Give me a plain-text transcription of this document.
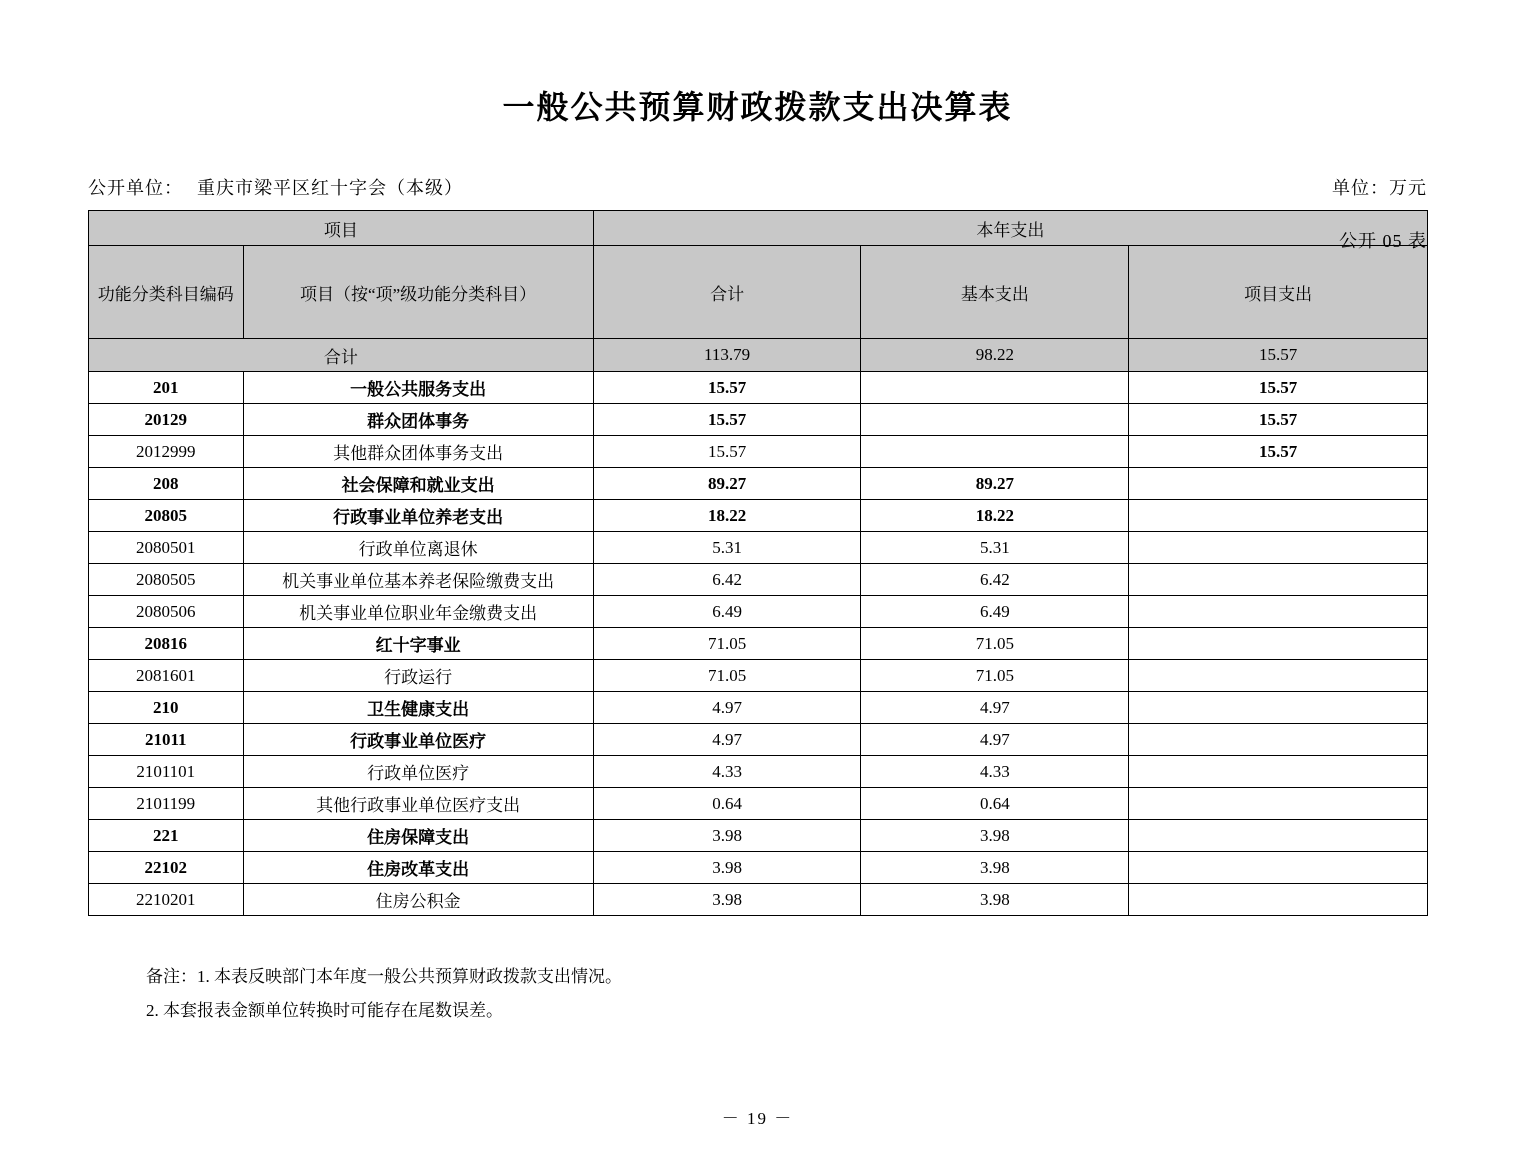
一般公共预算财政拨款支出决算表
公开 05 表
公开单位： 重庆市梁平区红十字会（本级）	单位：万元
项目		本年支出		
功能分类科目编码	项目（按“项”级功能分类科目）	合计	基本支出	项目支出
合计		113.79	98.22	15.57
201	一般公共服务支出	15.57		15.57
20129	群众团体事务	15.57		15.57
2012999	其他群众团体事务支出	15.57		15.57
208	社会保障和就业支出	89.27	89.27	
20805	行政事业单位养老支出	18.22	18.22	
2080501	行政单位离退休	5.31	5.31	
2080505	机关事业单位基本养老保险缴费支出	6.42	6.42	
2080506	机关事业单位职业年金缴费支出	6.49	6.49	
20816	红十字事业	71.05	71.05	
2081601	行政运行	71.05	71.05	
210	卫生健康支出	4.97	4.97	
21011	行政事业单位医疗	4.97	4.97	
2101101	行政单位医疗	4.33	4.33	
2101199	其他行政事业单位医疗支出	0.64	0.64	
221	住房保障支出	3.98	3.98	
22102	住房改革支出	3.98	3.98	
2210201	住房公积金	3.98	3.98	
备注：1. 本表反映部门本年度一般公共预算财政拨款支出情况。
2. 本套报表金额单位转换时可能存在尾数误差。
－ 19 －
